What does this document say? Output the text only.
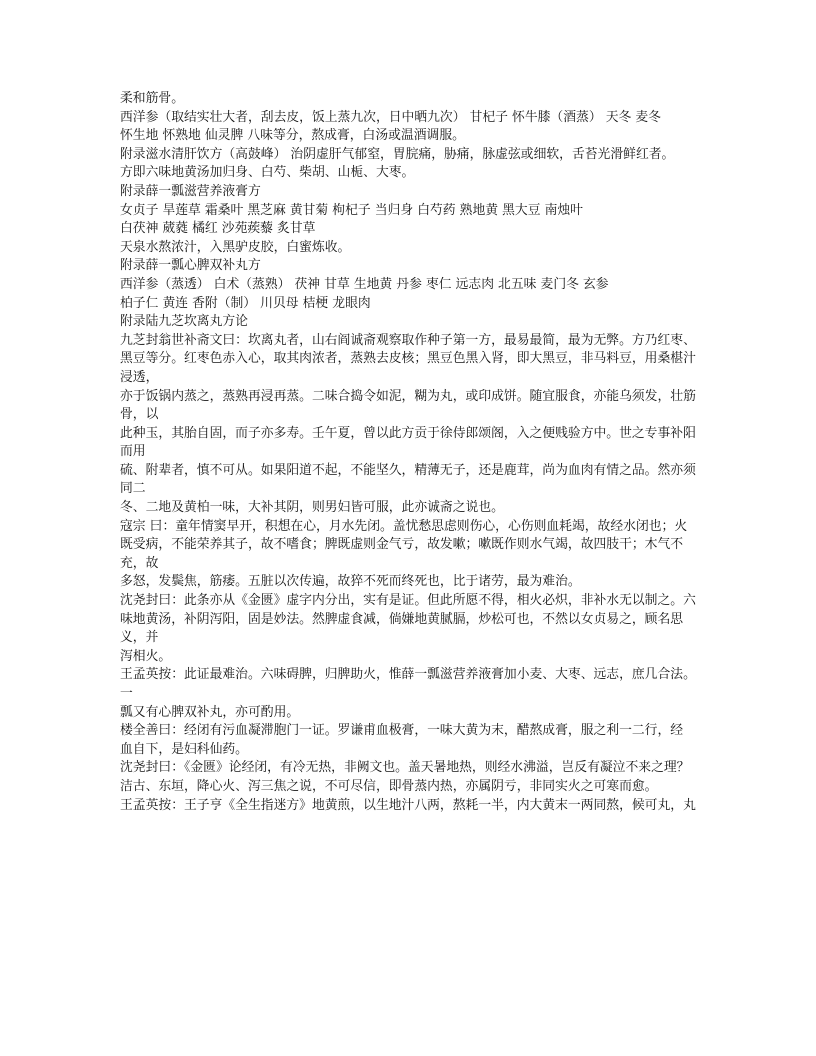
柔和筋骨。

西洋参（取结实壮大者，刮去皮，饭上蒸九次，日中晒九次） 甘杞子 怀牛膝（酒蒸） 天冬 麦冬

怀生地 怀熟地 仙灵脾 八味等分，熬成膏，白汤或温酒调服。

附录滋水清肝饮方（高鼓峰） 治阴虚肝气郁窒，胃脘痛，胁痛，脉虚弦或细软，舌苔光滑鲜红者。

方即六味地黄汤加归身、白芍、柴胡、山栀、大枣。

附录薛一瓢滋营养液膏方

女贞子 旱莲草 霜桑叶 黑芝麻 黄甘菊 枸杞子 当归身 白芍药 熟地黄 黑大豆 南烛叶

白茯神 葳蕤 橘红 沙苑蒺藜 炙甘草

天泉水熬浓汁，入黑驴皮胶，白蜜炼收。

附录薛一瓢心脾双补丸方

西洋参（蒸透） 白术（蒸熟） 茯神 甘草 生地黄 丹参 枣仁 远志肉 北五味 麦门冬 玄参

柏子仁 黄连 香附（制） 川贝母 桔梗 龙眼肉

附录陆九芝坎离丸方论

九芝封翁世补斋文曰：坎离丸者，山右阎诚斋观察取作种子第一方，最易最简，最为无弊。方乃红枣、

黑豆等分。红枣色赤入心，取其肉浓者，蒸熟去皮核；黑豆色黑入肾，即大黑豆，非马料豆，用桑椹汁浸透，

亦于饭锅内蒸之，蒸熟再浸再蒸。二味合捣令如泥，糊为丸，或印成饼。随宜服食，亦能乌须发，壮筋骨，以

此种玉，其胎自固，而子亦多寿。壬午夏，曾以此方贡于徐侍郎颂阁，入之便贱验方中。世之专事补阳而用

硫、附辈者，慎不可从。如果阳道不起，不能坚久，精薄无子，还是鹿茸，尚为血肉有情之品。然亦须同二

冬、二地及黄柏一味，大补其阴，则男妇皆可服，此亦诚斋之说也。

寇宗 曰：童年情窦早开，积想在心，月水先闭。盖忧愁思虑则伤心，心伤则血耗竭，故经水闭也；火

既受病，不能荣养其子，故不嗜食；脾既虚则金气亏，故发嗽；嗽既作则水气竭，故四肢干；木气不充，故

多怒，发鬓焦，筋痿。五脏以次传遍，故猝不死而终死也，比于诸劳，最为难治。

沈尧封曰：此条亦从《金匮》虚字内分出，实有是证。但此所愿不得，相火必炽，非补水无以制之。六

味地黄汤，补阴泻阳，固是妙法。然脾虚食减，倘嫌地黄腻膈，炒松可也，不然以女贞易之，顾名思义，并

泻相火。

王孟英按：此证最难治。六味碍脾，归脾助火，惟薛一瓢滋营养液膏加小麦、大枣、远志，庶几合法。一

瓢又有心脾双补丸，亦可酌用。

楼全善曰：经闭有污血凝滞胞门一证。罗谦甫血极膏，一味大黄为末，醋熬成膏，服之利一二行，经

血自下，是妇科仙药。

沈尧封曰：《金匮》论经闭，有冷无热，非阙文也。盖天暑地热，则经水沸溢，岂反有凝泣不来之理？

洁古、东垣，降心火、泻三焦之说，不可尽信，即骨蒸内热，亦属阴亏，非同实火之可寒而愈。

王孟英按：王子亨《全生指迷方》地黄煎，以生地汁八两，熬耗一半，内大黄末一两同熬，候可丸，丸
